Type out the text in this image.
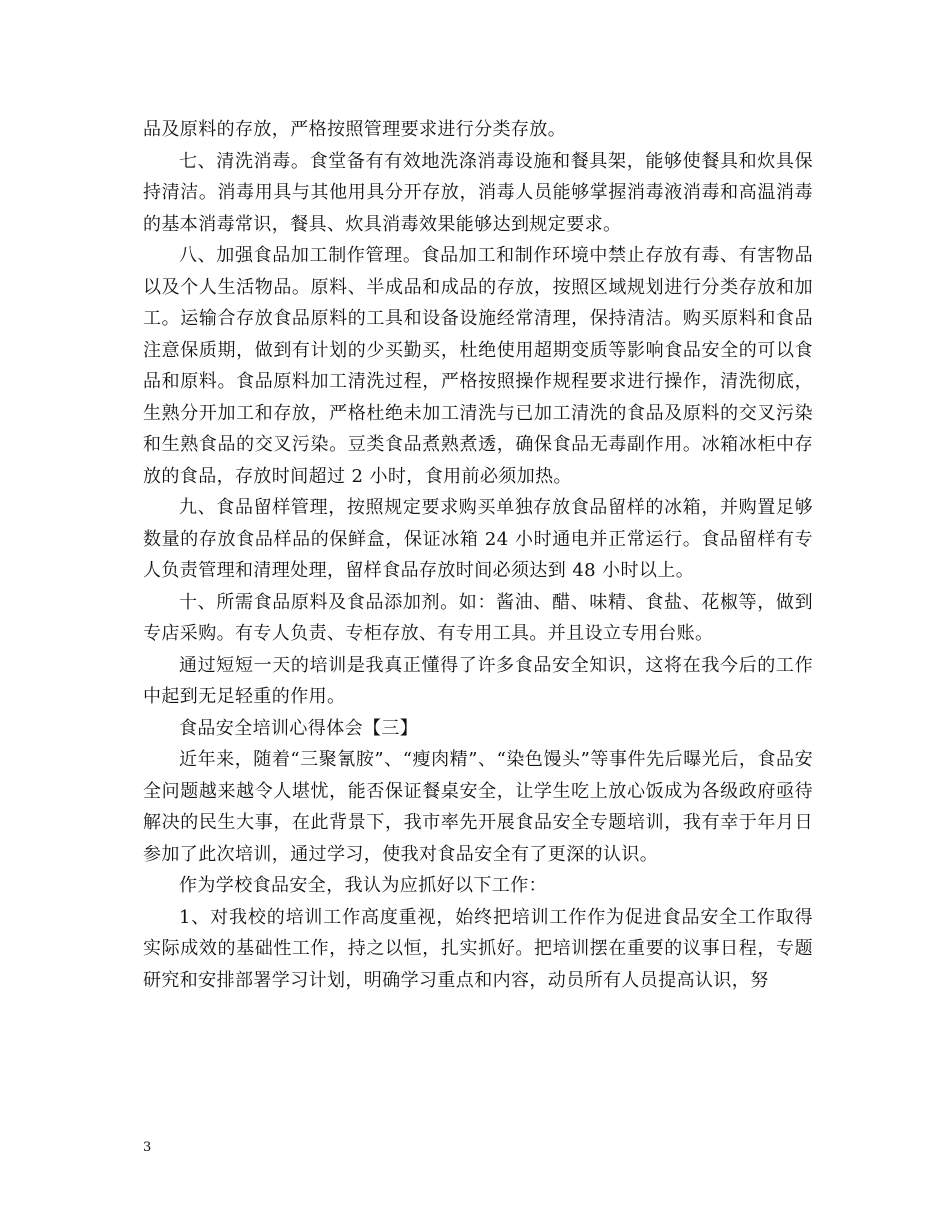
品及原料的存放，严格按照管理要求进行分类存放。

七、清洗消毒。食堂备有有效地洗涤消毒设施和餐具架，能够使餐具和炊具保持清洁。消毒用具与其他用具分开存放，消毒人员能够掌握消毒液消毒和高温消毒的基本消毒常识，餐具、炊具消毒效果能够达到规定要求。

八、加强食品加工制作管理。食品加工和制作环境中禁止存放有毒、有害物品以及个人生活物品。原料、半成品和成品的存放，按照区域规划进行分类存放和加工。运输合存放食品原料的工具和设备设施经常清理，保持清洁。购买原料和食品注意保质期，做到有计划的少买勤买，杜绝使用超期变质等影响食品安全的可以食品和原料。食品原料加工清洗过程，严格按照操作规程要求进行操作，清洗彻底，生熟分开加工和存放，严格杜绝未加工清洗与已加工清洗的食品及原料的交叉污染和生熟食品的交叉污染。豆类食品煮熟煮透，确保食品无毒副作用。冰箱冰柜中存放的食品，存放时间超过 2 小时，食用前必须加热。

九、食品留样管理，按照规定要求购买单独存放食品留样的冰箱，并购置足够数量的存放食品样品的保鲜盒，保证冰箱 24 小时通电并正常运行。食品留样有专人负责管理和清理处理，留样食品存放时间必须达到 48 小时以上。

十、所需食品原料及食品添加剂。如：酱油、醋、味精、食盐、花椒等，做到专店采购。有专人负责、专柜存放、有专用工具。并且设立专用台账。

通过短短一天的培训是我真正懂得了许多食品安全知识，这将在我今后的工作中起到无足轻重的作用。

食品安全培训心得体会【三】

近年来，随着“三聚氰胺”、“瘦肉精”、“染色馒头”等事件先后曝光后，食品安全问题越来越令人堪忧，能否保证餐桌安全，让学生吃上放心饭成为各级政府亟待解决的民生大事，在此背景下，我市率先开展食品安全专题培训，我有幸于年月日参加了此次培训，通过学习，使我对食品安全有了更深的认识。

作为学校食品安全，我认为应抓好以下工作：

1、对我校的培训工作高度重视，始终把培训工作作为促进食品安全工作取得实际成效的基础性工作，持之以恒，扎实抓好。把培训摆在重要的议事日程，专题研究和安排部署学习计划，明确学习重点和内容，动员所有人员提高认识，努

3
